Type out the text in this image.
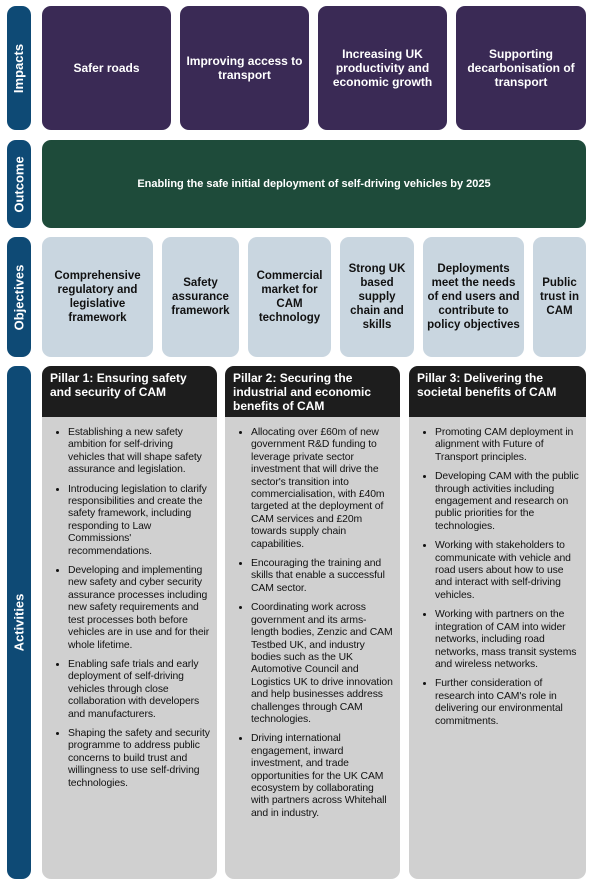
Impacts
Outcome
Objectives
Activities
Safer roads	Improving access to transport
Increasing UK productivity and economic growth
Supporting decarbonisation of transport
Enabling the safe initial deployment of self-driving vehicles by 2025
Comprehensive regulatory and legislative framework
Safety assurance framework
Commercial market for CAM technology
Strong UK based supply chain and skills
Deployments meet the needs of end users and contribute to policy objectives
Public trust in CAM
Pillar 1: Ensuring safety and security of CAM
• Establishing a new safety ambition for self-driving vehicles that will shape safety assurance and legislation.
• Introducing legislation to clarify responsibilities and create the safety framework, including responding to Law Commissions' recommendations.
• Developing and implementing new safety and cyber security assurance processes including new safety requirements and test processes both before vehicles are in use and for their whole lifetime.
• Enabling safe trials and early deployment of self-driving vehicles through close collaboration with developers and manufacturers.
• Shaping the safety and security programme to address public concerns to build trust and willingness to use self-driving technologies.
Pillar 2: Securing the industrial and economic benefits of CAM
• Allocating over £60m of new government R&D funding to leverage private sector investment that will drive the sector's transition into commercialisation, with £40m targeted at the deployment of CAM services and £20m towards supply chain capabilities.
• Encouraging the training and skills that enable a successful CAM sector.
• Coordinating work across government and its arms-length bodies, Zenzic and CAM Testbed UK, and industry bodies such as the UK Automotive Council and Logistics UK to drive innovation and help businesses address challenges through CAM technologies.
• Driving international engagement, inward investment, and trade opportunities for the UK CAM ecosystem by collaborating with partners across Whitehall and in industry.
Pillar 3: Delivering the societal benefits of CAM
• Promoting CAM deployment in alignment with Future of Transport principles.
• Developing CAM with the public through activities including engagement and research on public priorities for the technologies.
• Working with stakeholders to communicate with vehicle and road users about how to use and interact with self-driving vehicles.
• Working with partners on the integration of CAM into wider networks, including road networks, mass transit systems and wireless networks.
• Further consideration of research into CAM's role in delivering our environmental commitments.
